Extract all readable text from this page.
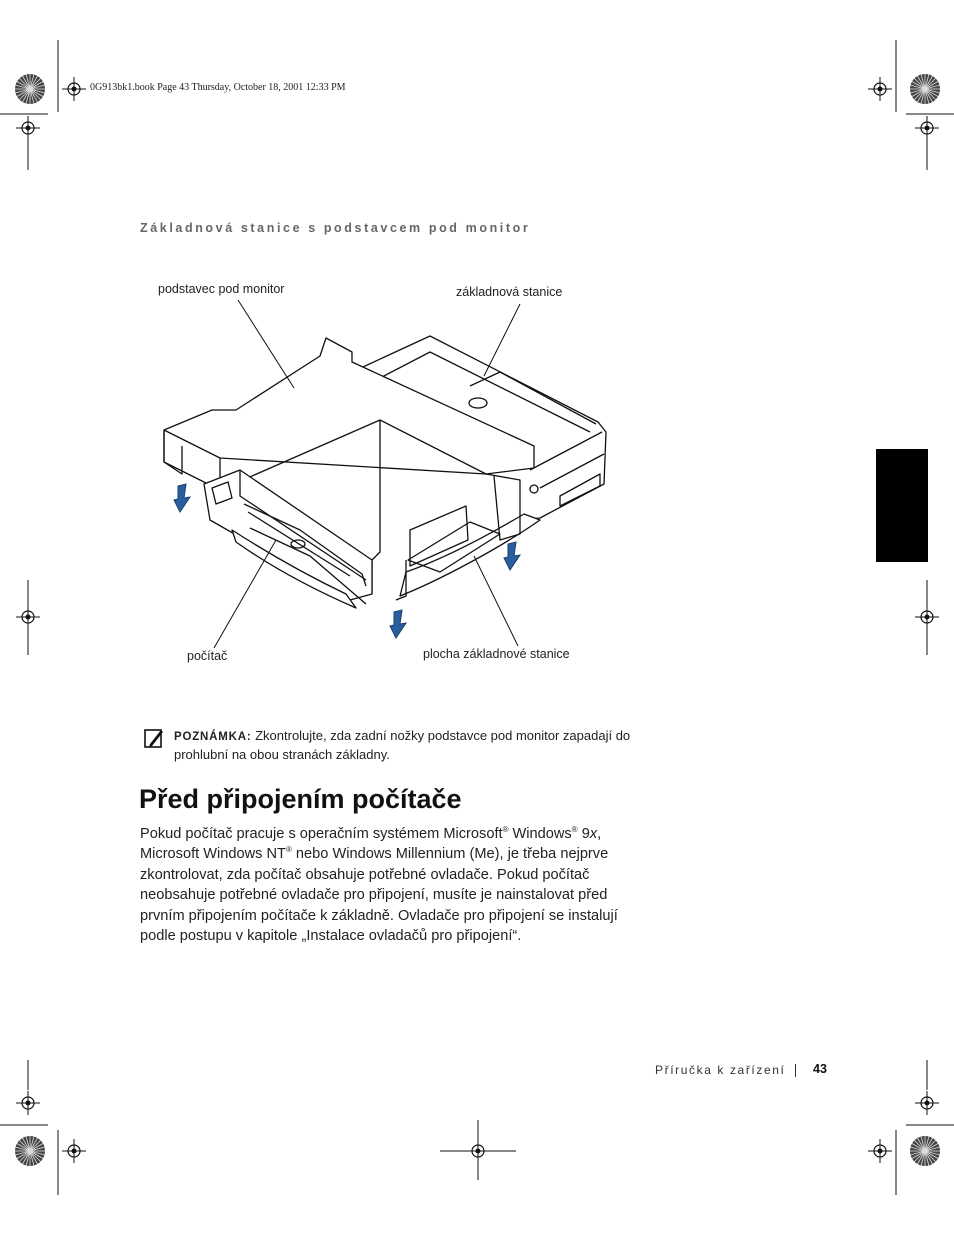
0G913bk1.book Page 43 Thursday, October 18, 2001 12:33 PM
Základnová stanice s podstavcem pod monitor
podstavec pod monitor	základnová stanice
počítač	plocha základnové stanice
POZNÁMKA: Zkontrolujte, zda zadní nožky podstavce pod monitor zapadají do prohlubní na obou stranách základny.
Před připojením počítače
Pokud počítač pracuje s operačním systémem Microsoft® Windows® 9x, Microsoft Windows NT® nebo Windows Millennium (Me), je třeba nejprve zkontrolovat, zda počítač obsahuje potřebné ovladače. Pokud počítač neobsahuje potřebné ovladače pro připojení, musíte je nainstalovat před prvním připojením počítače k základně. Ovladače pro připojení se instalují podle postupu v kapitole „Instalace ovladačů pro připojení“.
Příručka k zařízení 43
